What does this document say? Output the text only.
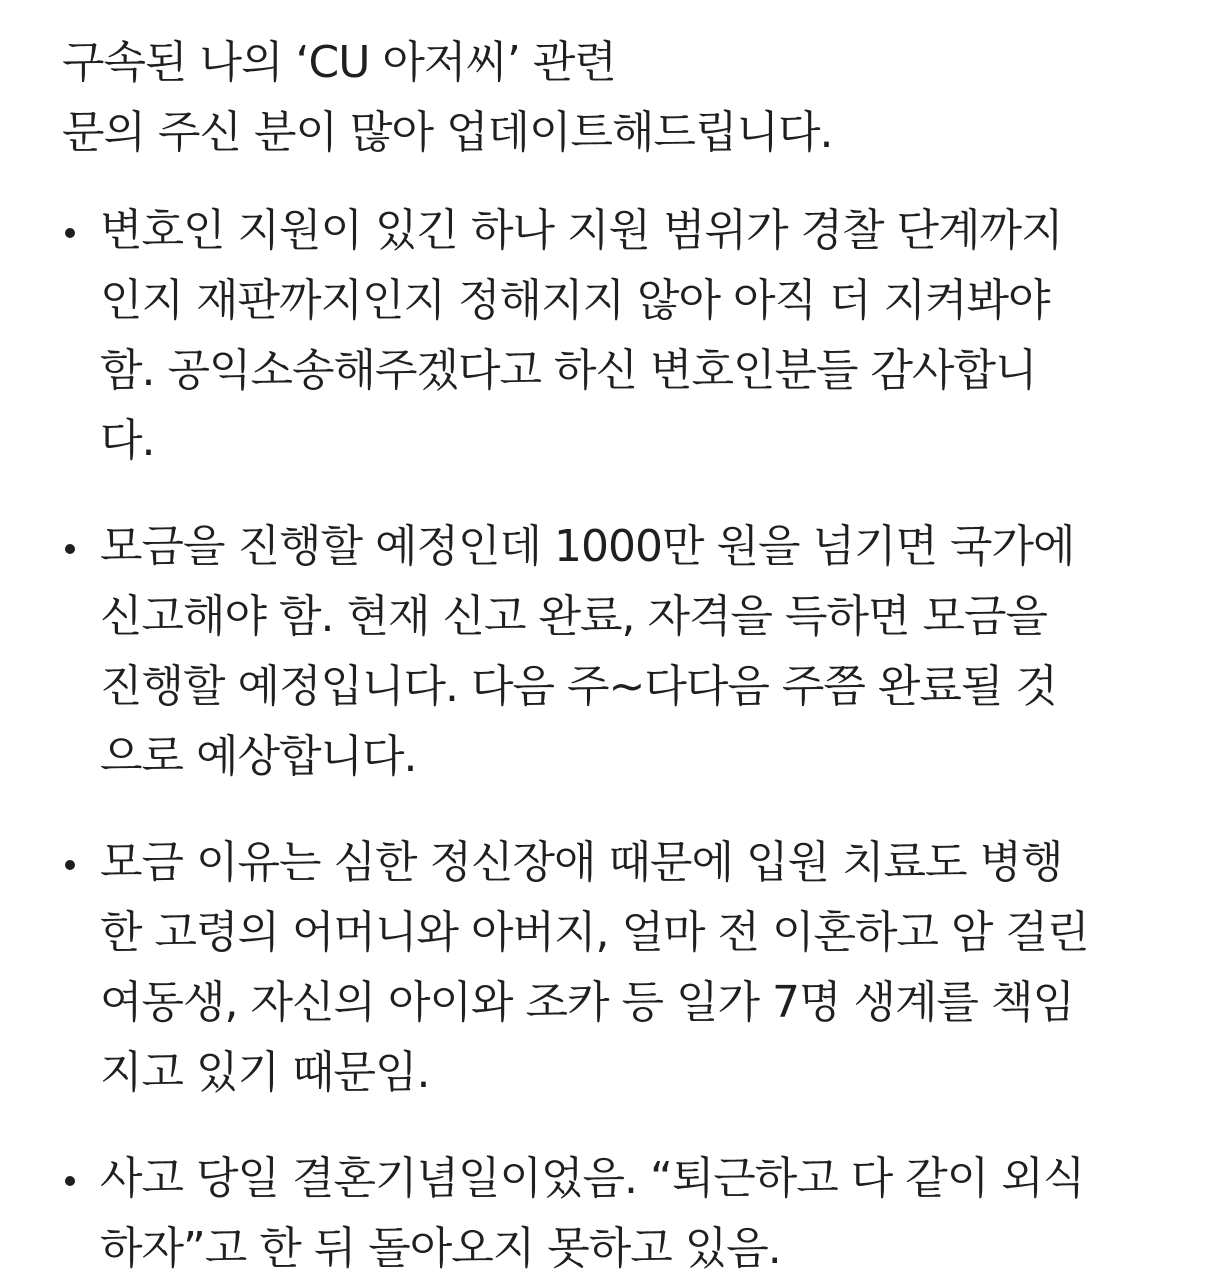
구속된 나의 ‘CU 아저씨’ 관련
문의 주신 분이 많아 업데이트해드립니다.
변호인 지원이 있긴 하나 지원 범위가 경찰 단계까지
인지 재판까지인지 정해지지 않아 아직 더 지켜봐야
함. 공익소송해주겠다고 하신 변호인분들 감사합니
다.
모금을 진행할 예정인데 1000만 원을 넘기면 국가에
신고해야 함. 현재 신고 완료, 자격을 득하면 모금을
진행할 예정입니다. 다음 주~다다음 주쯤 완료될 것
으로 예상합니다.
모금 이유는 심한 정신장애 때문에 입원 치료도 병행
한 고령의 어머니와 아버지, 얼마 전 이혼하고 암 걸린
여동생, 자신의 아이와 조카 등 일가 7명 생계를 책임
지고 있기 때문임.
사고 당일 결혼기념일이었음. “퇴근하고 다 같이 외식
하자”고 한 뒤 돌아오지 못하고 있음.
